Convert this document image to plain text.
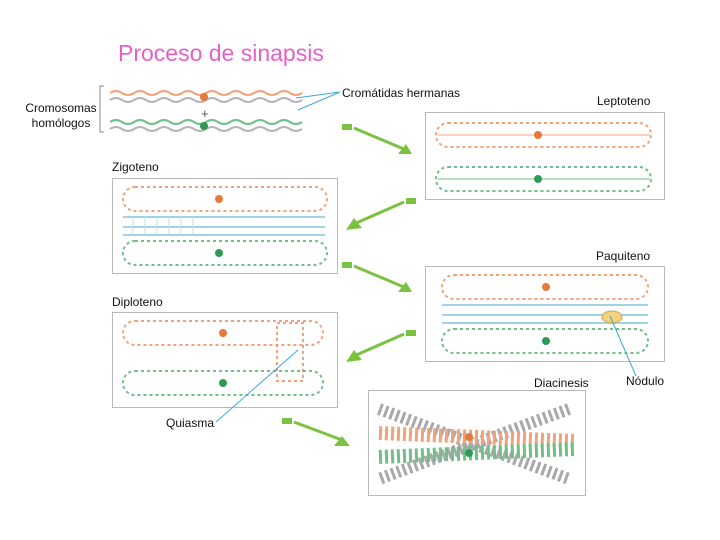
Proceso de sinapsis
Cromosomas
homólogos
+
Cromátidas hermanas
Leptoteno
Zigoteno
Paquiteno
Diploteno
Diacinesis	Nódulo
Quiasma
